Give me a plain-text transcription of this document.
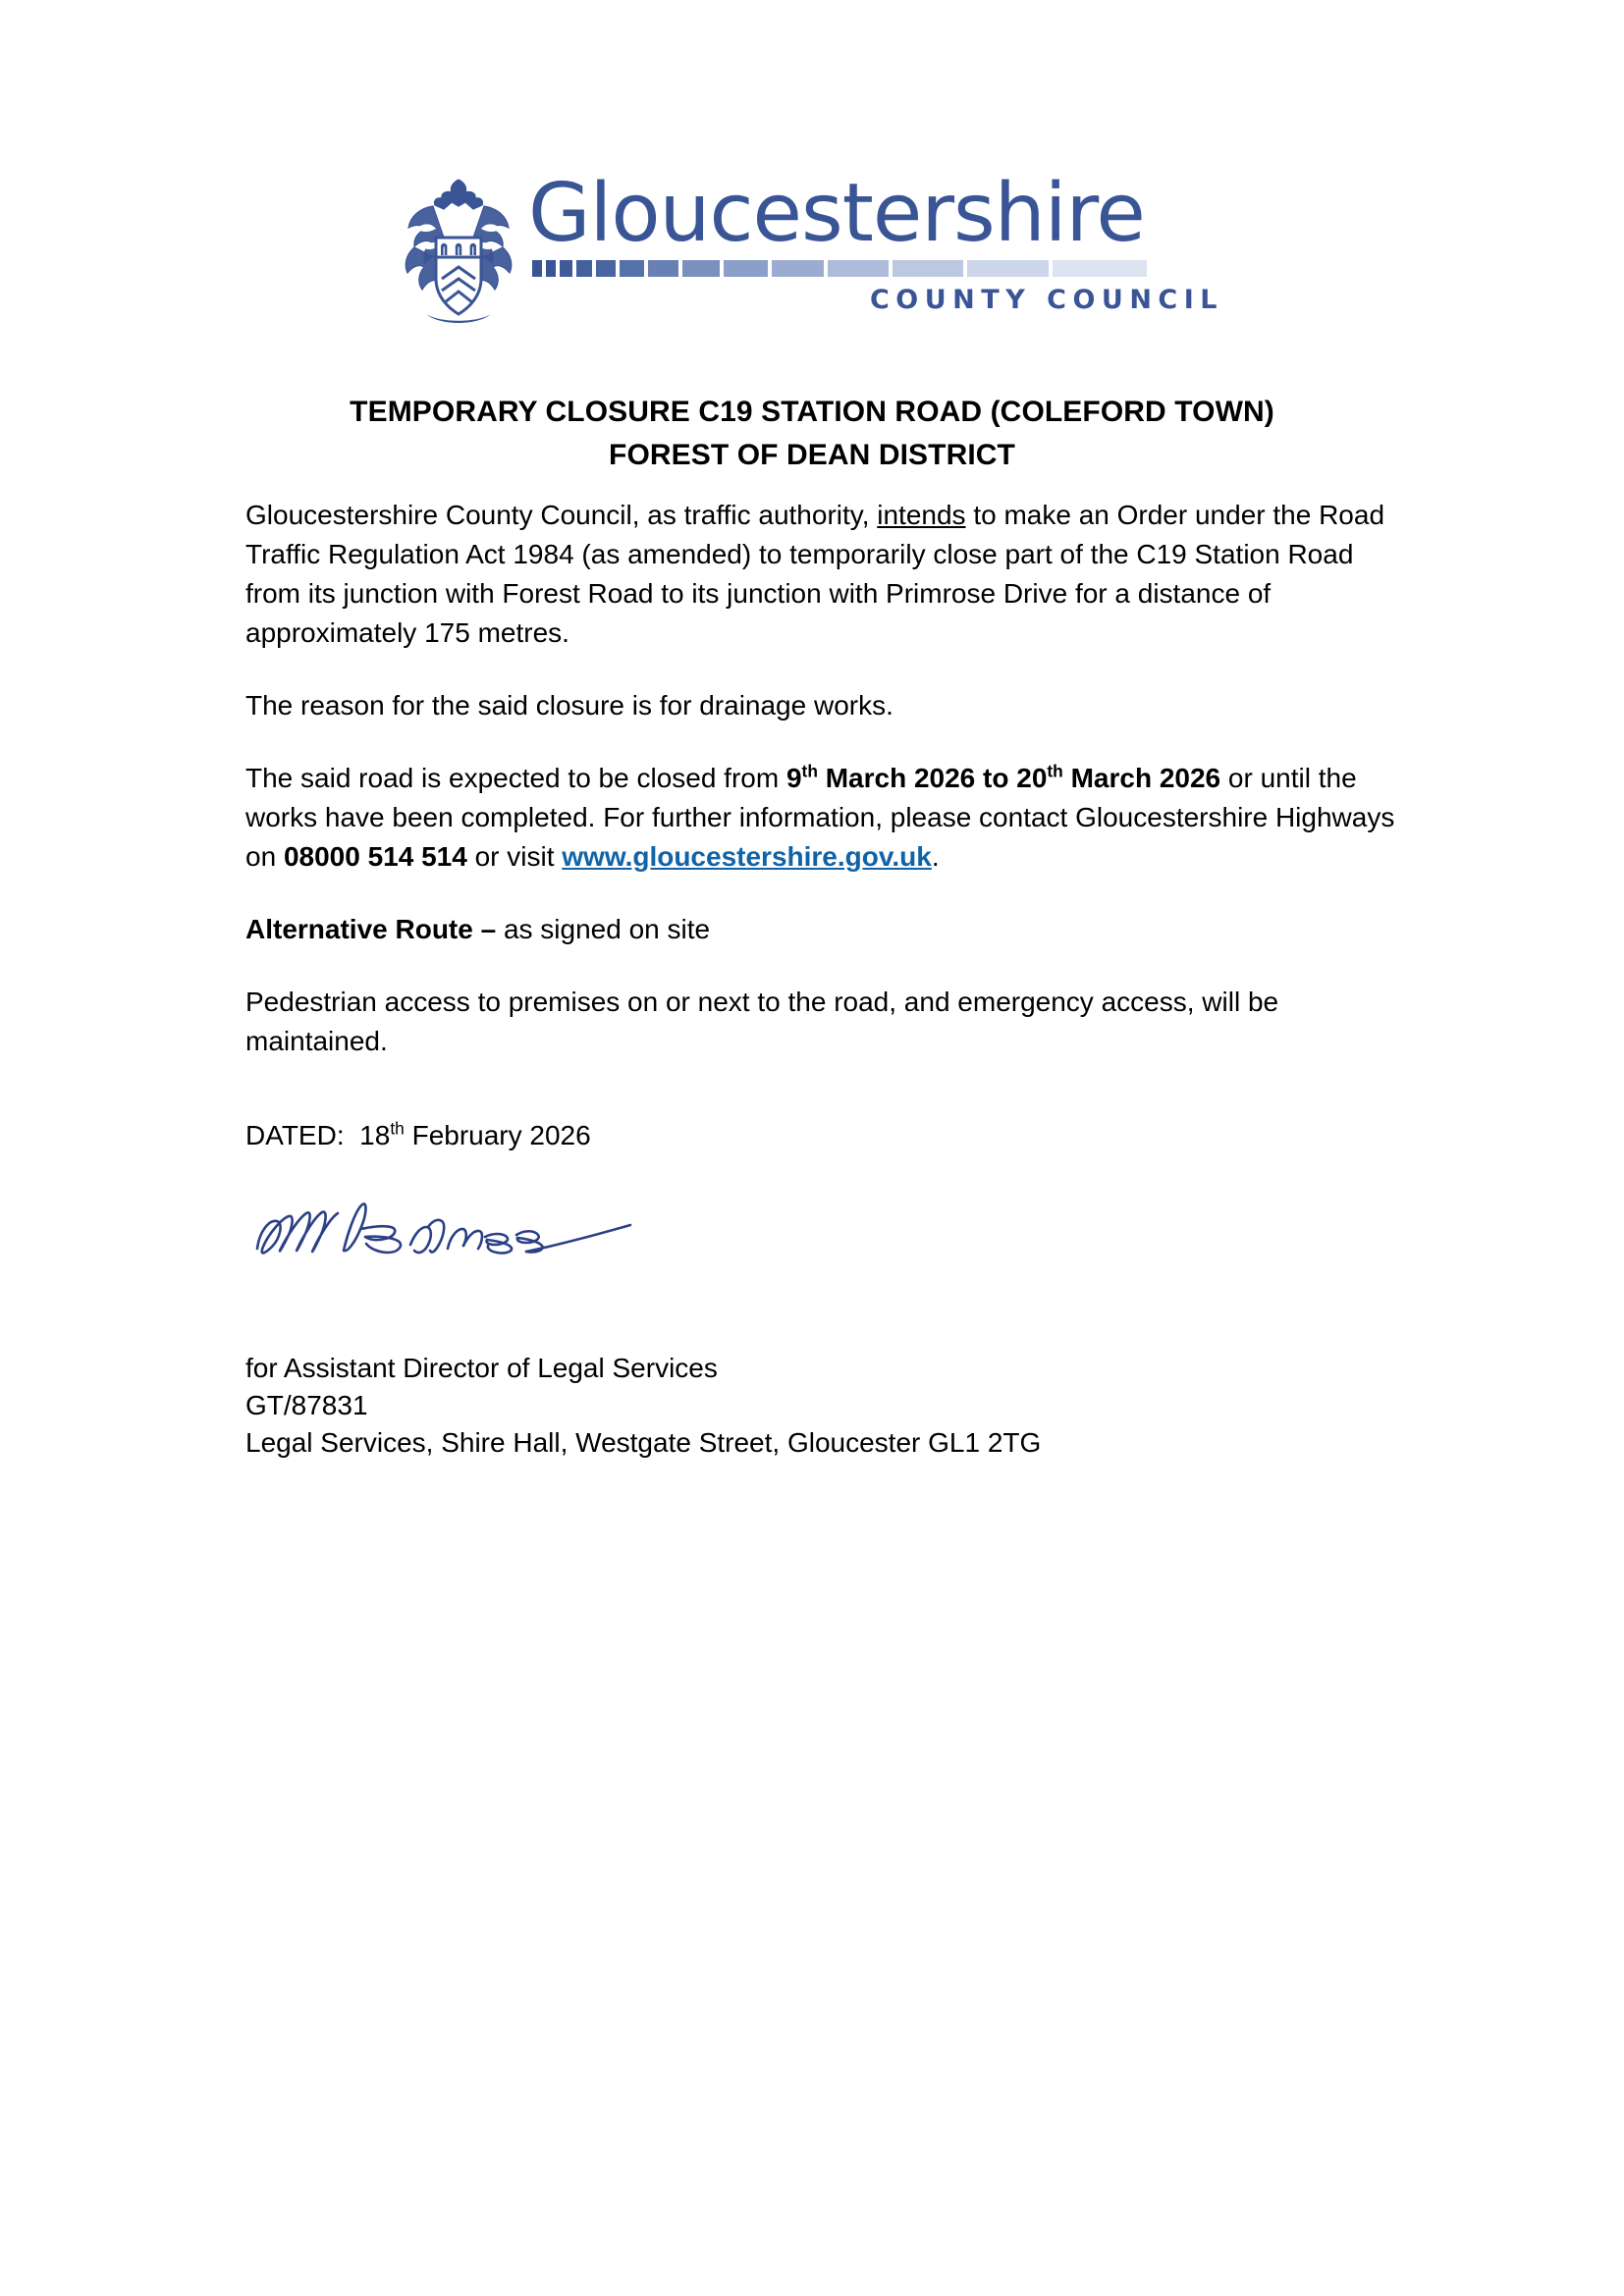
Gloucestershire
COUNTY COUNCIL
TEMPORARY CLOSURE C19 STATION ROAD (COLEFORD TOWN)
FOREST OF DEAN DISTRICT

Gloucestershire County Council, as traffic authority, intends to make an Order under the Road Traffic Regulation Act 1984 (as amended) to temporarily close part of the C19 Station Road from its junction with Forest Road to its junction with Primrose Drive for a distance of approximately 175 metres.

The reason for the said closure is for drainage works.

The said road is expected to be closed from 9th March 2026 to 20th March 2026 or until the works have been completed. For further information, please contact Gloucestershire Highways on 08000 514 514 or visit www.gloucestershire.gov.uk.

Alternative Route – as signed on site

Pedestrian access to premises on or next to the road, and emergency access, will be maintained.

DATED: 18th February 2026

for Assistant Director of Legal Services
GT/87831
Legal Services, Shire Hall, Westgate Street, Gloucester GL1 2TG
